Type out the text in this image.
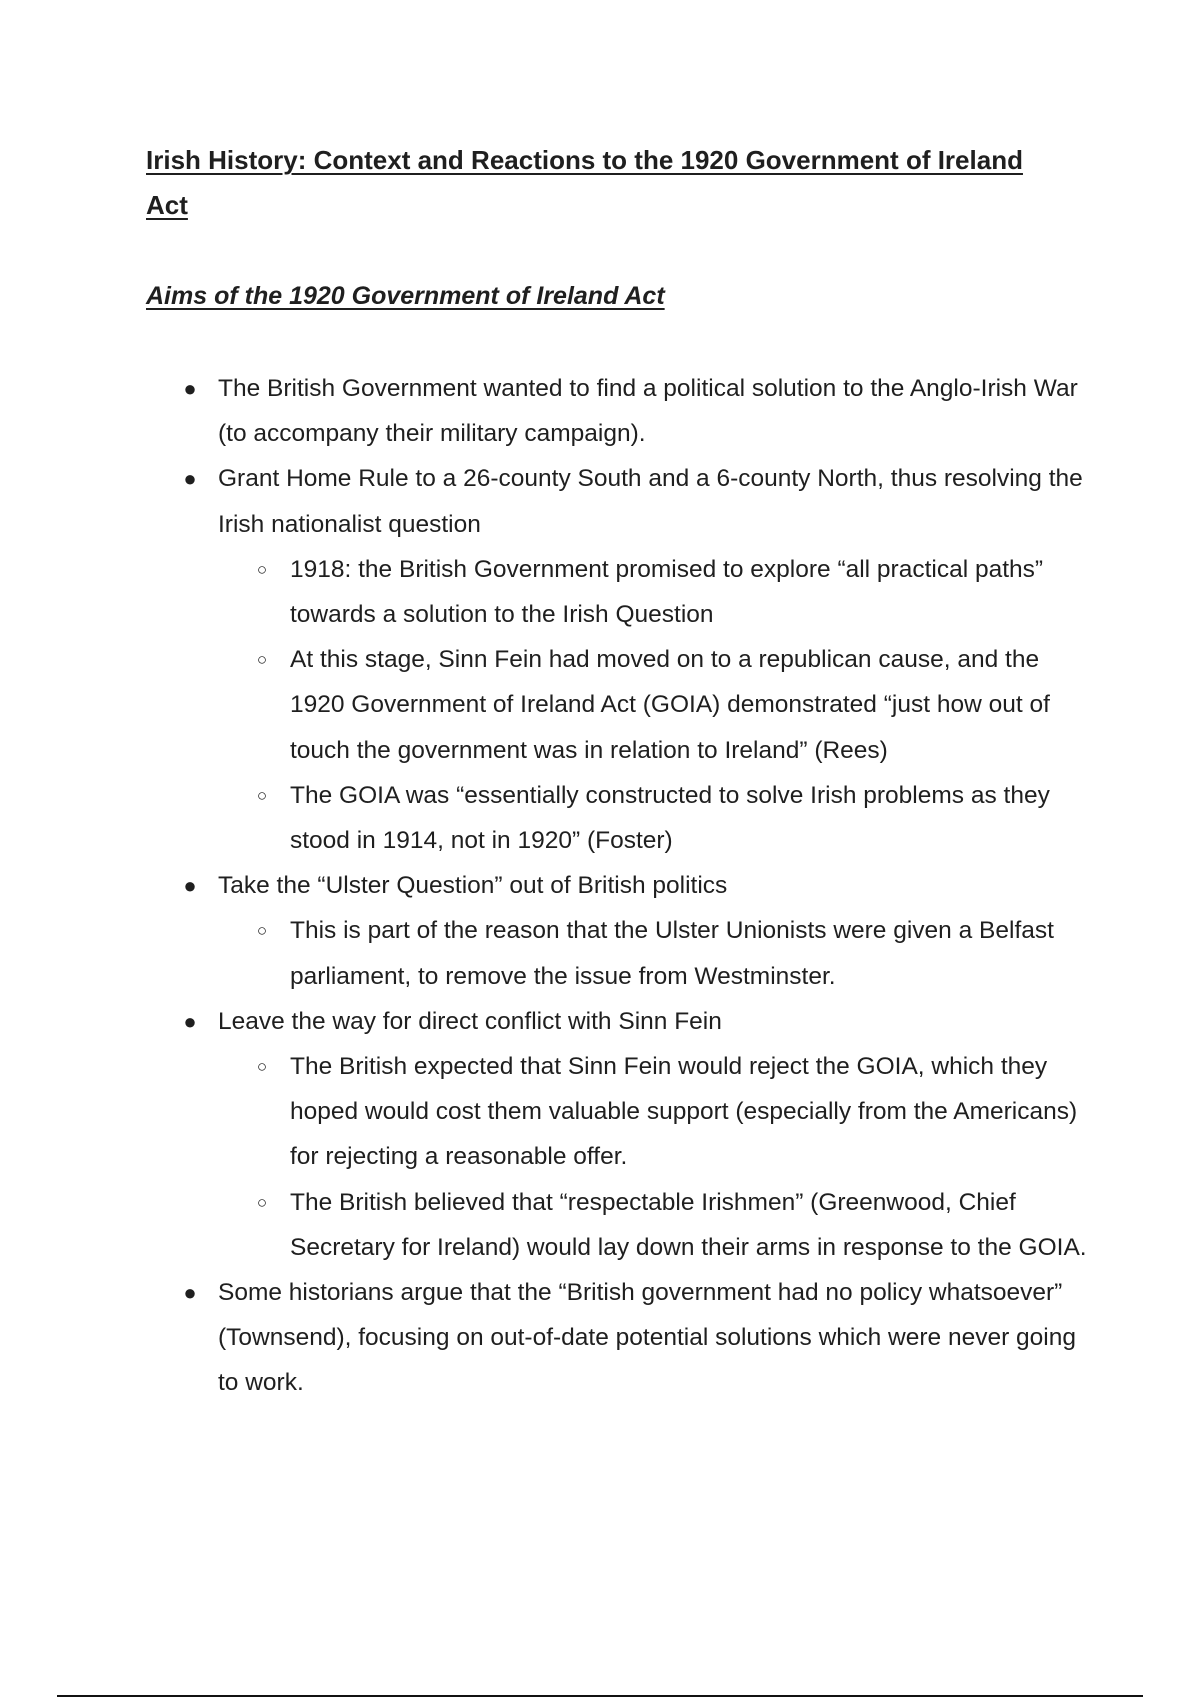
Irish History: Context and Reactions to the 1920 Government of Ireland Act
Aims of the 1920 Government of Ireland Act
● The British Government wanted to find a political solution to the Anglo-Irish War (to accompany their military campaign).
● Grant Home Rule to a 26-county South and a 6-county North, thus resolving the Irish nationalist question
○ 1918: the British Government promised to explore “all practical paths” towards a solution to the Irish Question
○ At this stage, Sinn Fein had moved on to a republican cause, and the 1920 Government of Ireland Act (GOIA) demonstrated “just how out of touch the government was in relation to Ireland” (Rees)
○ The GOIA was “essentially constructed to solve Irish problems as they stood in 1914, not in 1920” (Foster)
● Take the “Ulster Question” out of British politics
○ This is part of the reason that the Ulster Unionists were given a Belfast parliament, to remove the issue from Westminster.
● Leave the way for direct conflict with Sinn Fein
○ The British expected that Sinn Fein would reject the GOIA, which they hoped would cost them valuable support (especially from the Americans) for rejecting a reasonable offer.
○ The British believed that “respectable Irishmen” (Greenwood, Chief Secretary for Ireland) would lay down their arms in response to the GOIA.
● Some historians argue that the “British government had no policy whatsoever” (Townsend), focusing on out-of-date potential solutions which were never going to work.
